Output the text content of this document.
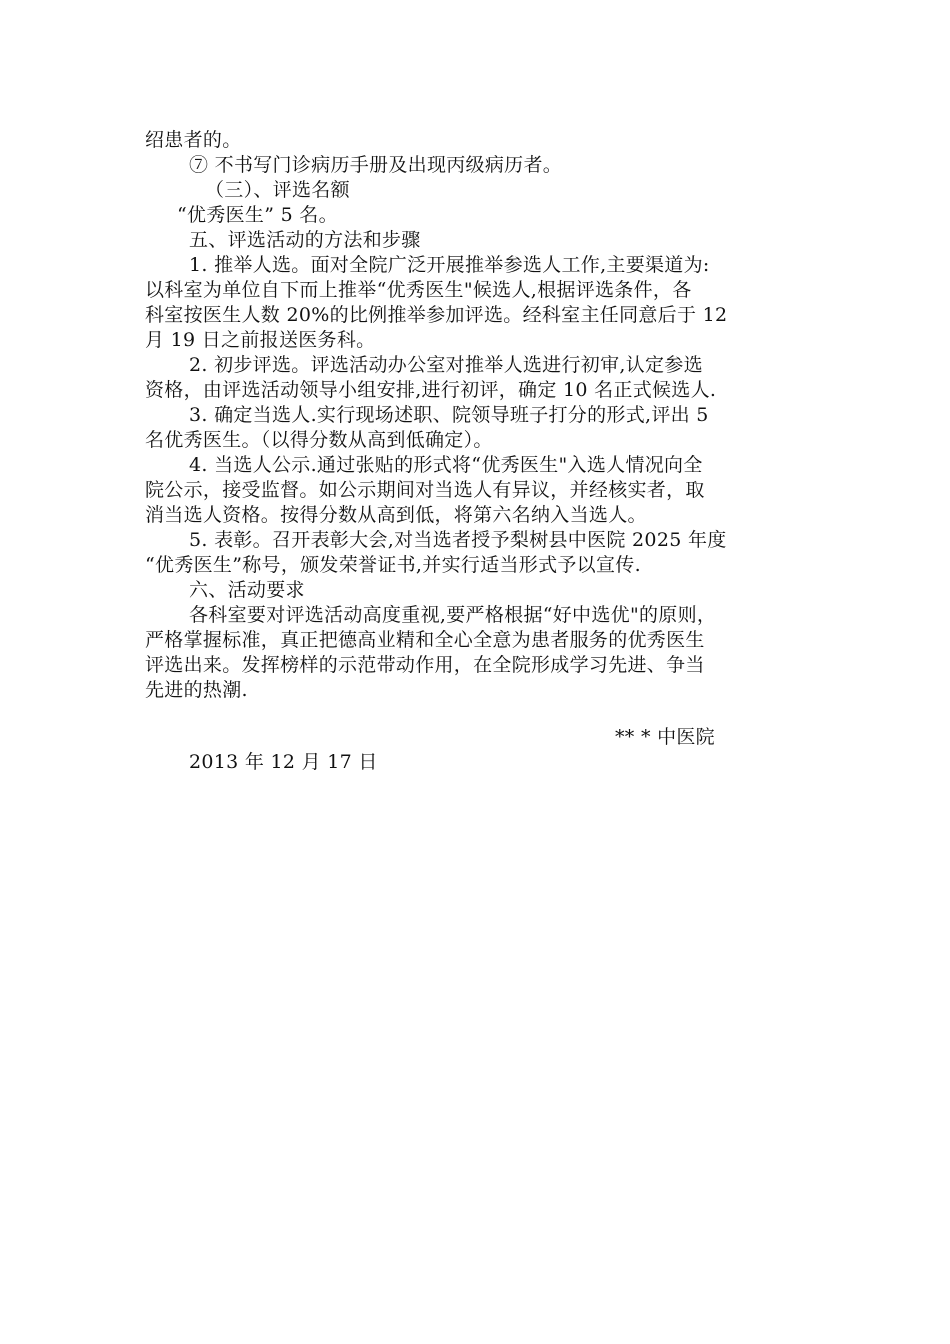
绍患者的。
⑦ 不书写门诊病历手册及出现丙级病历者。
（三）、评选名额
“优秀医生” 5 名。
五、评选活动的方法和步骤
1. 推举人选。面对全院广泛开展推举参选人工作,主要渠道为:
以科室为单位自下而上推举“优秀医生"候选人,根据评选条件，各
科室按医生人数 20%的比例推举参加评选。经科室主任同意后于 12
月 19 日之前报送医务科。
2. 初步评选。评选活动办公室对推举人选进行初审,认定参选
资格，由评选活动领导小组安排,进行初评，确定 10 名正式候选人.
3. 确定当选人.实行现场述职、院领导班子打分的形式,评出 5
名优秀医生。（以得分数从高到低确定）。
4. 当选人公示.通过张贴的形式将“优秀医生"入选人情况向全
院公示，接受监督。如公示期间对当选人有异议，并经核实者，取
消当选人资格。按得分数从高到低，将第六名纳入当选人。
5. 表彰。召开表彰大会,对当选者授予梨树县中医院 2025 年度
“优秀医生”称号，颁发荣誉证书,并实行适当形式予以宣传.
六、活动要求
各科室要对评选活动高度重视,要严格根据“好中选优"的原则，
严格掌握标准，真正把德高业精和全心全意为患者服务的优秀医生
评选出来。发挥榜样的示范带动作用，在全院形成学习先进、争当
先进的热潮.
** * 中医院
2013 年 12 月 17 日
